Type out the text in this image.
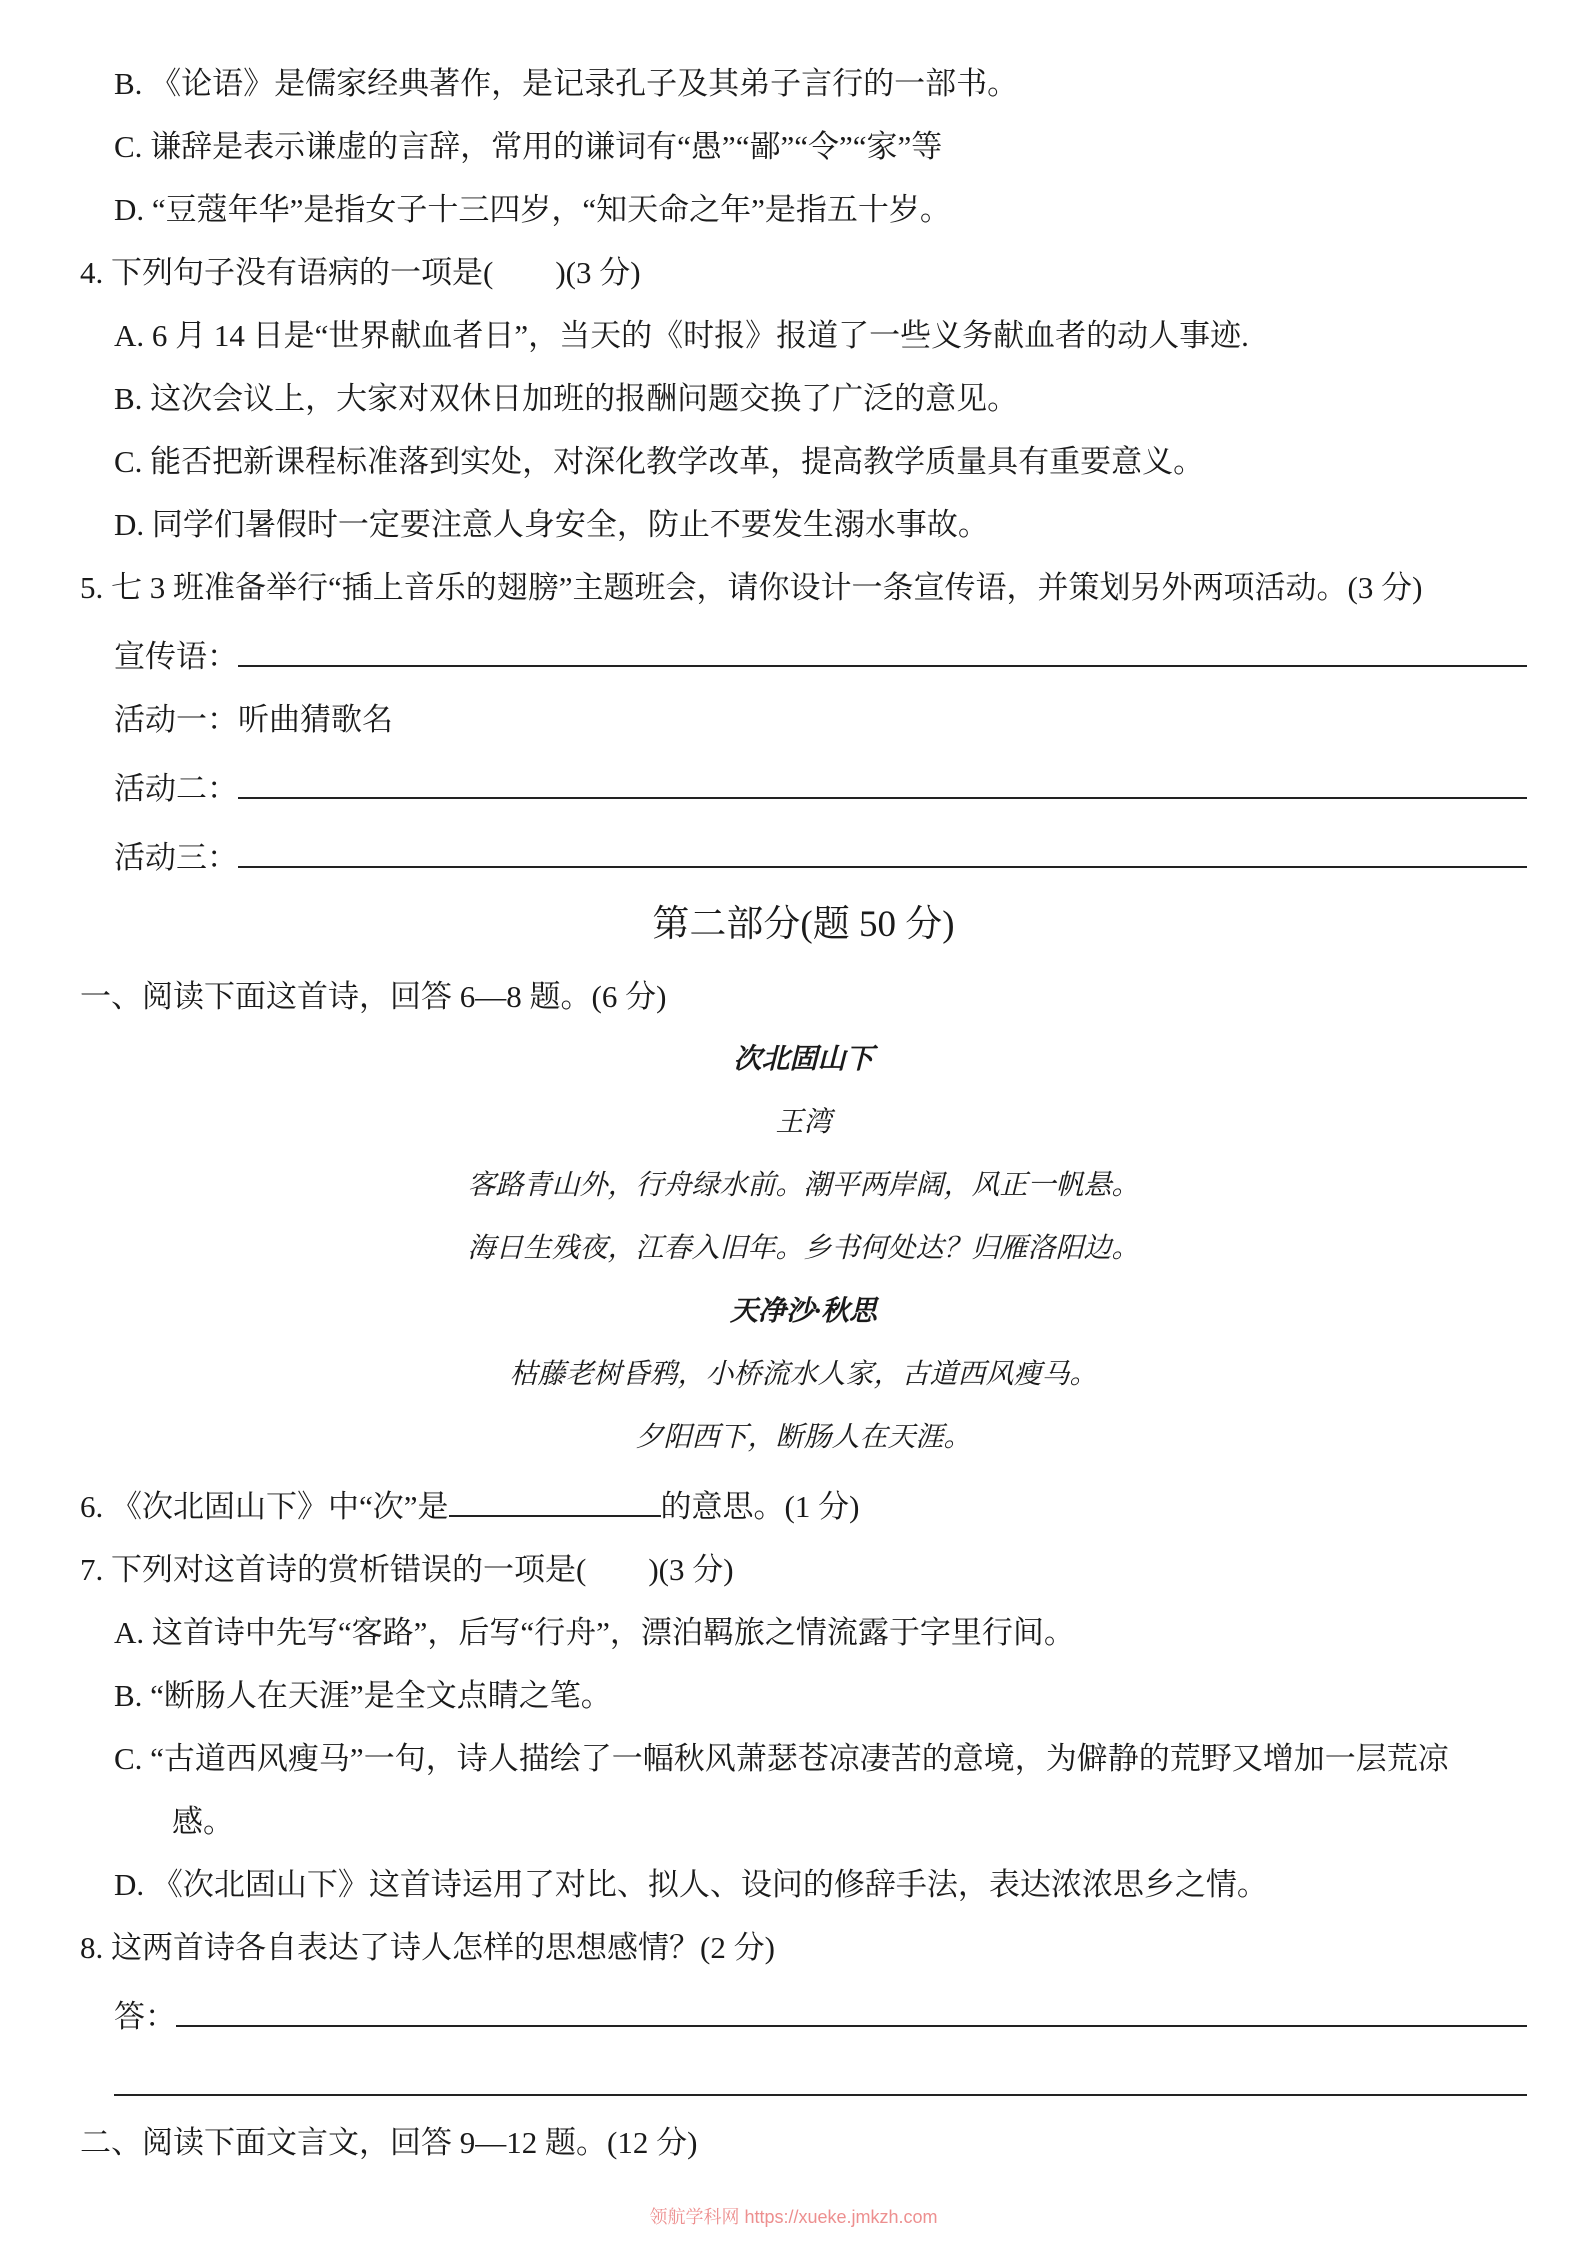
B. 《论语》是儒家经典著作，是记录孔子及其弟子言行的一部书。
C. 谦辞是表示谦虚的言辞，常用的谦词有“愚”“鄙”“令”“家”等
D. “豆蔻年华”是指女子十三四岁，“知天命之年”是指五十岁。
4. 下列句子没有语病的一项是(　　)(3 分)
A. 6 月 14 日是“世界献血者日”，当天的《时报》报道了一些义务献血者的动人事迹.
B. 这次会议上，大家对双休日加班的报酬问题交换了广泛的意见。
C. 能否把新课程标准落到实处，对深化教学改革，提高教学质量具有重要意义。
D. 同学们暑假时一定要注意人身安全，防止不要发生溺水事故。
5. 七 3 班准备举行“插上音乐的翅膀”主题班会，请你设计一条宣传语，并策划另外两项活动。(3 分)
宣传语：
活动一：听曲猜歌名
活动二：
活动三：
第二部分(题 50 分)
一、阅读下面这首诗，回答 6—8 题。(6 分)
次北固山下
王湾
客路青山外，行舟绿水前。潮平两岸阔，风正一帆悬。
海日生残夜，江春入旧年。乡书何处达？归雁洛阳边。
天净沙·秋思
枯藤老树昏鸦，小桥流水人家，古道西风瘦马。
夕阳西下，断肠人在天涯。
6. 《次北固山下》中“次”是	的意思。(1 分)
7. 下列对这首诗的赏析错误的一项是(　　)(3 分)
A. 这首诗中先写“客路”，后写“行舟”，漂泊羁旅之情流露于字里行间。
B. “断肠人在天涯”是全文点睛之笔。
C. “古道西风瘦马”一句，诗人描绘了一幅秋风萧瑟苍凉凄苦的意境，为僻静的荒野又增加一层荒凉
感。
D. 《次北固山下》这首诗运用了对比、拟人、设问的修辞手法，表达浓浓思乡之情。
8. 这两首诗各自表达了诗人怎样的思想感情？(2 分)
答：
二、阅读下面文言文，回答 9—12 题。(12 分)
领航学科网 https://xueke.jmkzh.com
